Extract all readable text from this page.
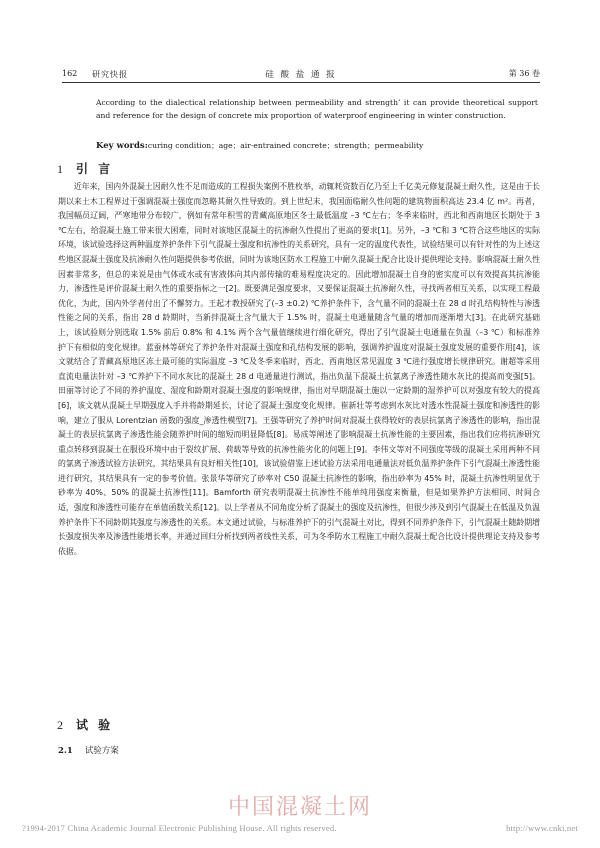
162 研究快报	硅 酸 盐 通 报	第 36 卷
According to the dialectical relationship between permeability and strength’ it can provide theoretical support and reference for the design of concrete mix proportion of waterproof engineering in winter construction.
Key words:curing condition；age；air-entrained concrete；strength；permeability
1 引 言

近年来，国内外混凝土因耐久性不足而造成的工程损失案例不胜枚举，动辄耗资数百亿乃至上千亿美元修复混凝土耐久性，这是由于长期以来土木工程界过于强调混凝土强度而忽略其耐久性导致的。到上世纪末，我国面临耐久性问题的建筑物面积高达 23.4 亿 m²。再者，我国幅员辽阔，严寒地带分布较广，例如有常年积雪的青藏高原地区冬土最低温度 –3 ℃左右；冬季来临时，西北和西南地区长期处于 3 ℃左右，给混凝土施工带来很大困难，同时对该地区混凝土的抗渗耐久性提出了更高的要求[1]。另外，–3 ℃和 3 ℃符合这些地区的实际环境，该试验选择这两种温度养护条件下引气混凝土强度和抗渗性的关系研究，具有一定的温度代表性，试验结果可以有针对性的为上述这些地区混凝土强度及抗渗耐久性问题提供参考依据，同时为该地区防水工程施工中耐久混凝土配合比设计提供理论支持。影响混凝土耐久性因素非常多，但总的来说是由气体或水或有害液体向其内部传输的难易程度决定的。因此增加混凝土自身的密实度可以有效提高其抗渗能力，渗透性是评价混凝土耐久性的重要指标之一[2]。既要满足强度要求，又要保证混凝土抗渗耐久性，寻找两者相互关系，以实现工程最优化，为此，国内外学者付出了不懈努力。王起才教授研究了(–3 ±0.2) ℃养护条件下，含气量不同的混凝土在 28 d 时孔结构特性与渗透性能之间的关系，指出 28 d 龄期时，当新拌混凝土含气量大于 1.5% 时，混凝土电通量随含气量的增加而逐渐增大[3]。在此研究基础上，该试验则分别选取 1.5% 前后 0.8% 和 4.1% 两个含气量值继续进行细化研究，得出了引气混凝土电通量在负温（–3 ℃）和标准养护下有相似的变化规律。蓝蚕林等研究了养护条件对混凝土强度和孔结构发展的影响，强调养护温度对混凝土强度发展的重要作用[4]，该文就结合了青藏高原地区冻土最可能的实际温度 –3 ℃及冬季来临时，西北、西南地区常见温度 3 ℃进行强度增长规律研究。谢超等采用直流电量法针对 –3 ℃养护下不同水灰比的混凝土 28 d 电通量进行测试，指出负温下混凝土抗氯离子渗透性随水灰比的提高而变强[5]。田丽等讨论了不同的养护温度、湿度和龄期对混凝土强度的影响规律，指出对早期混凝土施以一定龄期的湿养护可以对强度有较大的提高[6]，该文就从混凝土早期强度入手并将龄期延长，讨论了混凝土强度变化规律。崔新壮等考虑到水灰比对透水性混凝土强度和渗透性的影响，建立了服从 Lorentzian 函数的强度_渗透性模型[7]。王强等研究了养护时间对混凝土获得较好的表层抗氯离子渗透性的影响，指出混凝土的表层抗氯离子渗透性能会随养护时间的缩短而明显降低[8]。易成等阐述了影响混凝土抗渗性能的主要因素，指出我们应将抗渗研究重点转移到混凝土在服役环境中由于裂纹扩展、荷载等导致的抗渗性能劣化的问题上[9]。李伟文等对不同强度等级的混凝土采用两种不同的氯离子渗透试验方法研究，其结果具有良好相关性[10]，该试验借鉴上述试验方法采用电通量法对低负温养护条件下引气混凝土渗透性能进行研究，其结果具有一定的参考价值。张景华等研究了砂率对 C50 混凝土抗渗性的影响，指出砂率为 45% 时，混凝土抗渗性明显优于砂率为 40%、50% 的混凝土抗渗性[11]。Bamforth 研究表明混凝土抗渗性不能单纯用强度来衡量，但是如果养护方法相同、时间合适，强度和渗透性可能存在单值函数关系[12]。以上学者从不同角度分析了混凝土的强度及抗渗性，但很少涉及到引气混凝土在低温及负温养护条件下不同龄期其强度与渗透性的关系。本文通过试验，与标准养护下的引气混凝土对比，得到不同养护条件下，引气混凝土随龄期增长强度损失率及渗透性能增长率，并通过回归分析找到两者线性关系，可为冬季防水工程施工中耐久混凝土配合比设计提供理论支持及参考依据。

2 试 验
2.1 试验方案
中国混凝土网
?1994-2017 China Academic Journal Electronic Publishing House. All rights reserved.	http://www.cnki.net
